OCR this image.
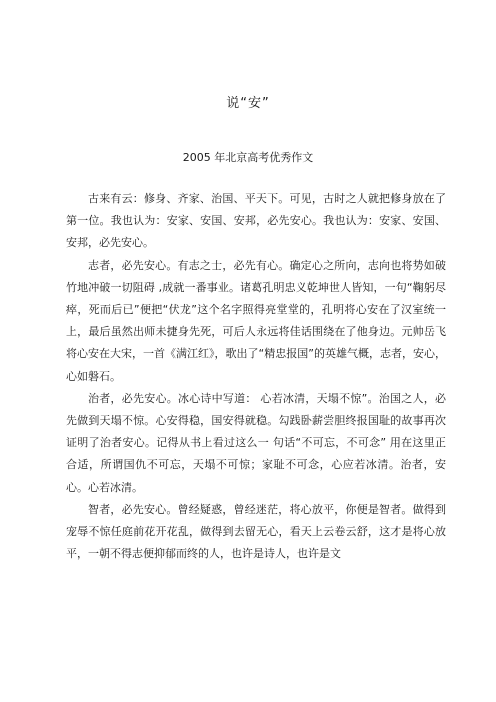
说“安”
2005 年北京高考优秀作文

古来有云：修身、齐家、治国、平天下。可见，古时之人就把修身放在了第一位。我也认为：安家、安国、安邦，必先安心。我也认为：安家、安国、安邦，必先安心。

志者，必先安心。有志之士，必先有心。确定心之所向，志向也将势如破竹地冲破一切阻碍 ,成就一番事业。诸葛孔明忠义乾坤世人皆知，一句“鞠躬尽瘁，死而后已”便把“伏龙”这个名字照得亮堂堂的，孔明将心安在了汉室统一上，最后虽然出师未捷身先死，可后人永远将佳话围绕在了他身边。元帅岳飞将心安在大宋，一首《满江红》，歌出了“精忠报国”的英雄气概，志者，安心，心如磐石。

治者，必先安心。冰心诗中写道： 心若冰清，天塌不惊”。治国之人，必先做到天塌不惊。心安得稳，国安得就稳。勾践卧薪尝胆终报国耻的故事再次证明了治者安心。记得从书上看过这么一 句话“不可忘，不可念” 用在这里正合适，所谓国仇不可忘，天塌不可惊；家耻不可念，心应若冰清。治者，安心。心若冰清。

智者，必先安心。曾经疑惑，曾经迷茫，将心放平，你便是智者。做得到宠辱不惊任庭前花开花乱，做得到去留无心，看天上云卷云舒，这才是将心放平，一朝不得志便抑郁而终的人，也许是诗人，也许是文
